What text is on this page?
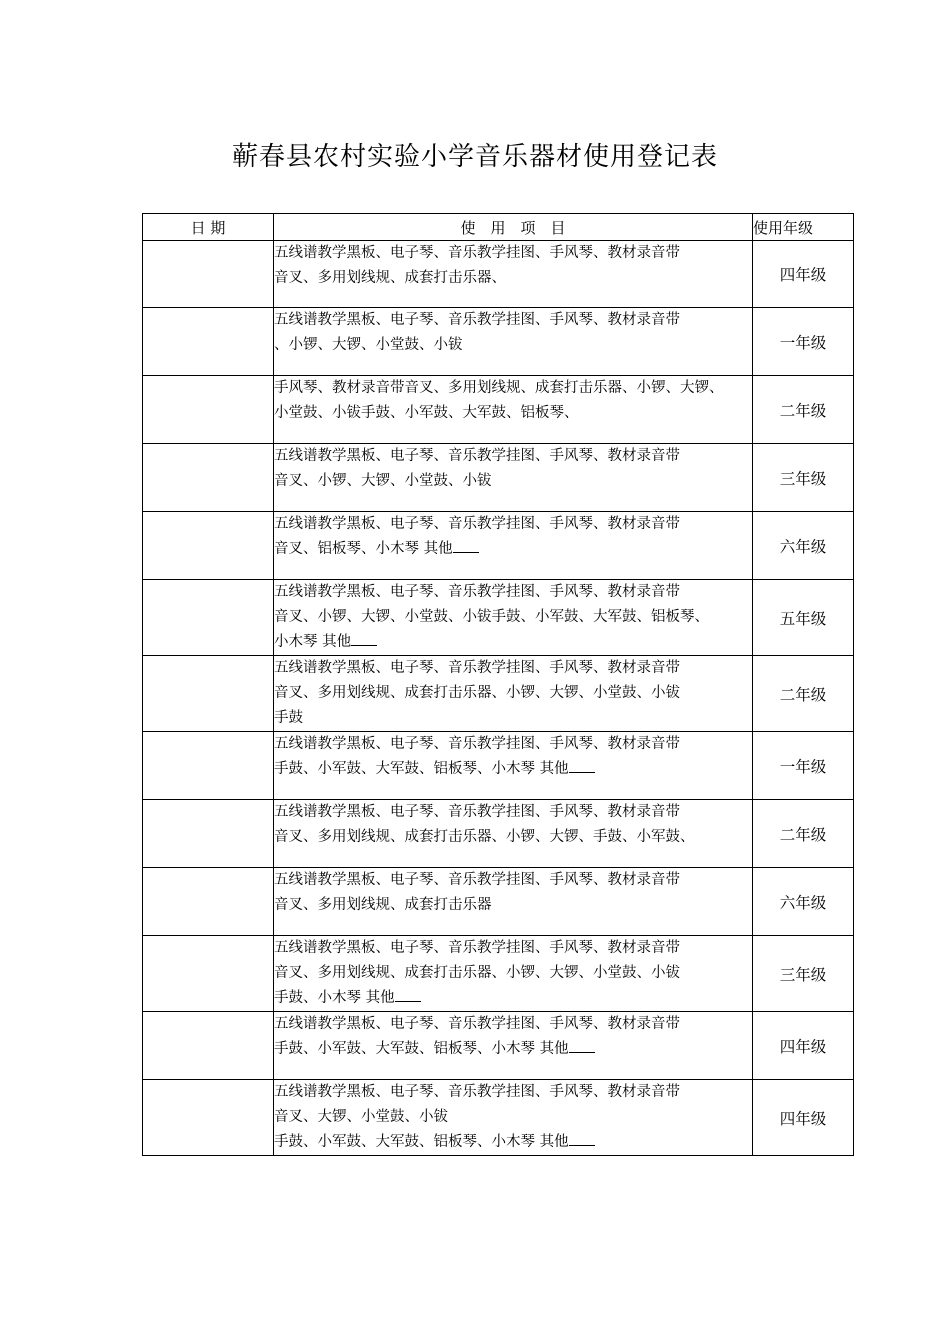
蕲春县农村实验小学音乐器材使用登记表
日 期	使　用　项　目	使用年级

	五线谱教学黑板、电子琴、音乐教学挂图、手风琴、教材录音带
音叉、多用划线规、成套打击乐器、	四年级

	五线谱教学黑板、电子琴、音乐教学挂图、手风琴、教材录音带
、小锣、大锣、小堂鼓、小钹	一年级

	手风琴、教材录音带音叉、多用划线规、成套打击乐器、小锣、大锣、
小堂鼓、小钹手鼓、小军鼓、大军鼓、铝板琴、	二年级

	五线谱教学黑板、电子琴、音乐教学挂图、手风琴、教材录音带
音叉、小锣、大锣、小堂鼓、小钹	三年级

	五线谱教学黑板、电子琴、音乐教学挂图、手风琴、教材录音带
音叉、铝板琴、小木琴 其他	六年级

	五线谱教学黑板、电子琴、音乐教学挂图、手风琴、教材录音带
音叉、小锣、大锣、小堂鼓、小钹手鼓、小军鼓、大军鼓、铝板琴、
小木琴 其他	五年级

	五线谱教学黑板、电子琴、音乐教学挂图、手风琴、教材录音带
音叉、多用划线规、成套打击乐器、小锣、大锣、小堂鼓、小钹
手鼓	二年级

	五线谱教学黑板、电子琴、音乐教学挂图、手风琴、教材录音带
手鼓、小军鼓、大军鼓、铝板琴、小木琴 其他	一年级

	五线谱教学黑板、电子琴、音乐教学挂图、手风琴、教材录音带
音叉、多用划线规、成套打击乐器、小锣、大锣、手鼓、小军鼓、	二年级

	五线谱教学黑板、电子琴、音乐教学挂图、手风琴、教材录音带
音叉、多用划线规、成套打击乐器	六年级

	五线谱教学黑板、电子琴、音乐教学挂图、手风琴、教材录音带
音叉、多用划线规、成套打击乐器、小锣、大锣、小堂鼓、小钹
手鼓、小木琴 其他	三年级

	五线谱教学黑板、电子琴、音乐教学挂图、手风琴、教材录音带
手鼓、小军鼓、大军鼓、铝板琴、小木琴 其他	四年级

	五线谱教学黑板、电子琴、音乐教学挂图、手风琴、教材录音带
音叉、大锣、小堂鼓、小钹
手鼓、小军鼓、大军鼓、铝板琴、小木琴 其他	四年级
